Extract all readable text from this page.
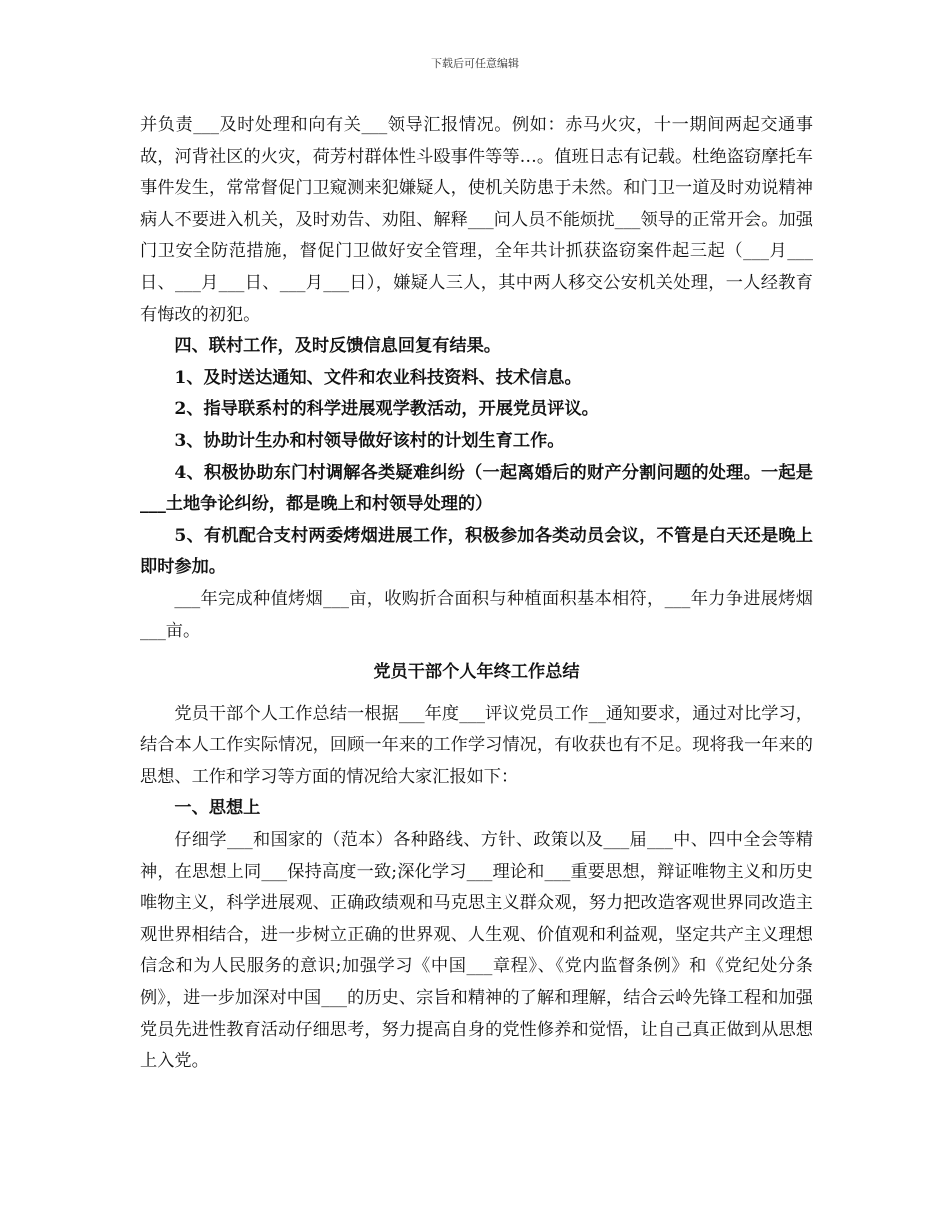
下载后可任意编辑

并负责___及时处理和向有关___领导汇报情况。例如：赤马火灾，十一期间两起交通事故，河背社区的火灾，荷芳村群体性斗殴事件等等…。值班日志有记载。杜绝盗窃摩托车事件发生，常常督促门卫窥测来犯嫌疑人，使机关防患于未然。和门卫一道及时劝说精神病人不要进入机关，及时劝告、劝阻、解释___问人员不能烦扰___领导的正常开会。加强门卫安全防范措施，督促门卫做好安全管理，全年共计抓获盗窃案件起三起（___月___日、___月___日、___月___日），嫌疑人三人，其中两人移交公安机关处理，一人经教育有悔改的初犯。

四、联村工作，及时反馈信息回复有结果。

1、及时送达通知、文件和农业科技资料、技术信息。

2、指导联系村的科学进展观学教活动，开展党员评议。

3、协助计生办和村领导做好该村的计划生育工作。

4、积极协助东门村调解各类疑难纠纷（一起离婚后的财产分割问题的处理。一起是___土地争论纠纷，都是晚上和村领导处理的）

5、有机配合支村两委烤烟进展工作，积极参加各类动员会议，不管是白天还是晚上即时参加。

___年完成种值烤烟___亩，收购折合面积与种植面积基本相符，___年力争进展烤烟___亩。

党员干部个人年终工作总结

党员干部个人工作总结一根据___年度___评议党员工作__通知要求，通过对比学习，结合本人工作实际情况，回顾一年来的工作学习情况，有收获也有不足。现将我一年来的思想、工作和学习等方面的情况给大家汇报如下：

一、思想上

仔细学___和国家的（范本）各种路线、方针、政策以及___届___中、四中全会等精神，在思想上同___保持高度一致;深化学习___理论和___重要思想，辩证唯物主义和历史唯物主义，科学进展观、正确政绩观和马克思主义群众观，努力把改造客观世界同改造主观世界相结合，进一步树立正确的世界观、人生观、价值观和利益观，坚定共产主义理想信念和为人民服务的意识;加强学习《中国___章程》、《党内监督条例》和《党纪处分条例》，进一步加深对中国___的历史、宗旨和精神的了解和理解，结合云岭先锋工程和加强党员先进性教育活动仔细思考，努力提高自身的党性修养和觉悟，让自己真正做到从思想上入党。
